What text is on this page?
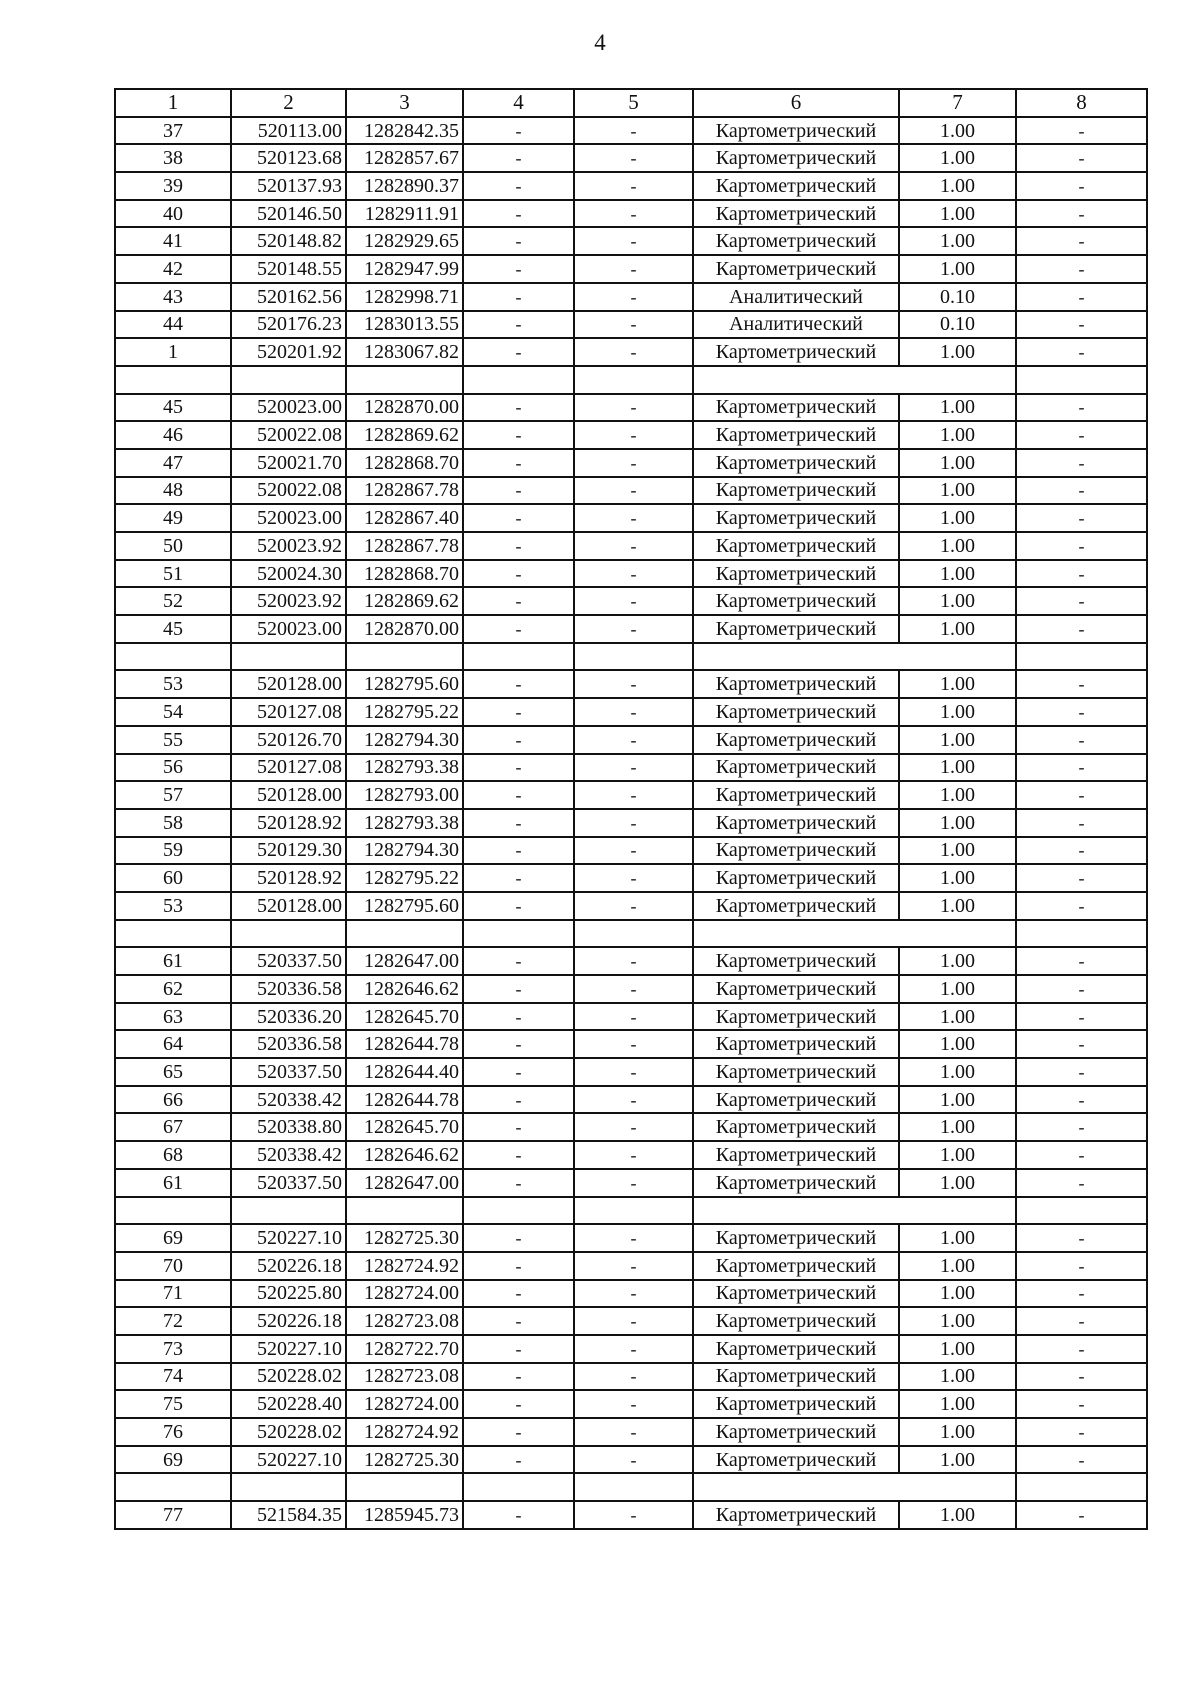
4
1	2	3	4	5	6	7	8
37	520113.00	1282842.35	-	-	Картометрический	1.00	-
38	520123.68	1282857.67	-	-	Картометрический	1.00	-
39	520137.93	1282890.37	-	-	Картометрический	1.00	-
40	520146.50	1282911.91	-	-	Картометрический	1.00	-
41	520148.82	1282929.65	-	-	Картометрический	1.00	-
42	520148.55	1282947.99	-	-	Картометрический	1.00	-
43	520162.56	1282998.71	-	-	Аналитический	0.10	-
44	520176.23	1283013.55	-	-	Аналитический	0.10	-
1	520201.92	1283067.82	-	-	Картометрический	1.00	-

45	520023.00	1282870.00	-	-	Картометрический	1.00	-
46	520022.08	1282869.62	-	-	Картометрический	1.00	-
47	520021.70	1282868.70	-	-	Картометрический	1.00	-
48	520022.08	1282867.78	-	-	Картометрический	1.00	-
49	520023.00	1282867.40	-	-	Картометрический	1.00	-
50	520023.92	1282867.78	-	-	Картометрический	1.00	-
51	520024.30	1282868.70	-	-	Картометрический	1.00	-
52	520023.92	1282869.62	-	-	Картометрический	1.00	-
45	520023.00	1282870.00	-	-	Картометрический	1.00	-

53	520128.00	1282795.60	-	-	Картометрический	1.00	-
54	520127.08	1282795.22	-	-	Картометрический	1.00	-
55	520126.70	1282794.30	-	-	Картометрический	1.00	-
56	520127.08	1282793.38	-	-	Картометрический	1.00	-
57	520128.00	1282793.00	-	-	Картометрический	1.00	-
58	520128.92	1282793.38	-	-	Картометрический	1.00	-
59	520129.30	1282794.30	-	-	Картометрический	1.00	-
60	520128.92	1282795.22	-	-	Картометрический	1.00	-
53	520128.00	1282795.60	-	-	Картометрический	1.00	-

61	520337.50	1282647.00	-	-	Картометрический	1.00	-
62	520336.58	1282646.62	-	-	Картометрический	1.00	-
63	520336.20	1282645.70	-	-	Картометрический	1.00	-
64	520336.58	1282644.78	-	-	Картометрический	1.00	-
65	520337.50	1282644.40	-	-	Картометрический	1.00	-
66	520338.42	1282644.78	-	-	Картометрический	1.00	-
67	520338.80	1282645.70	-	-	Картометрический	1.00	-
68	520338.42	1282646.62	-	-	Картометрический	1.00	-
61	520337.50	1282647.00	-	-	Картометрический	1.00	-

69	520227.10	1282725.30	-	-	Картометрический	1.00	-
70	520226.18	1282724.92	-	-	Картометрический	1.00	-
71	520225.80	1282724.00	-	-	Картометрический	1.00	-
72	520226.18	1282723.08	-	-	Картометрический	1.00	-
73	520227.10	1282722.70	-	-	Картометрический	1.00	-
74	520228.02	1282723.08	-	-	Картометрический	1.00	-
75	520228.40	1282724.00	-	-	Картометрический	1.00	-
76	520228.02	1282724.92	-	-	Картометрический	1.00	-
69	520227.10	1282725.30	-	-	Картометрический	1.00	-

77	521584.35	1285945.73	-	-	Картометрический	1.00	-
